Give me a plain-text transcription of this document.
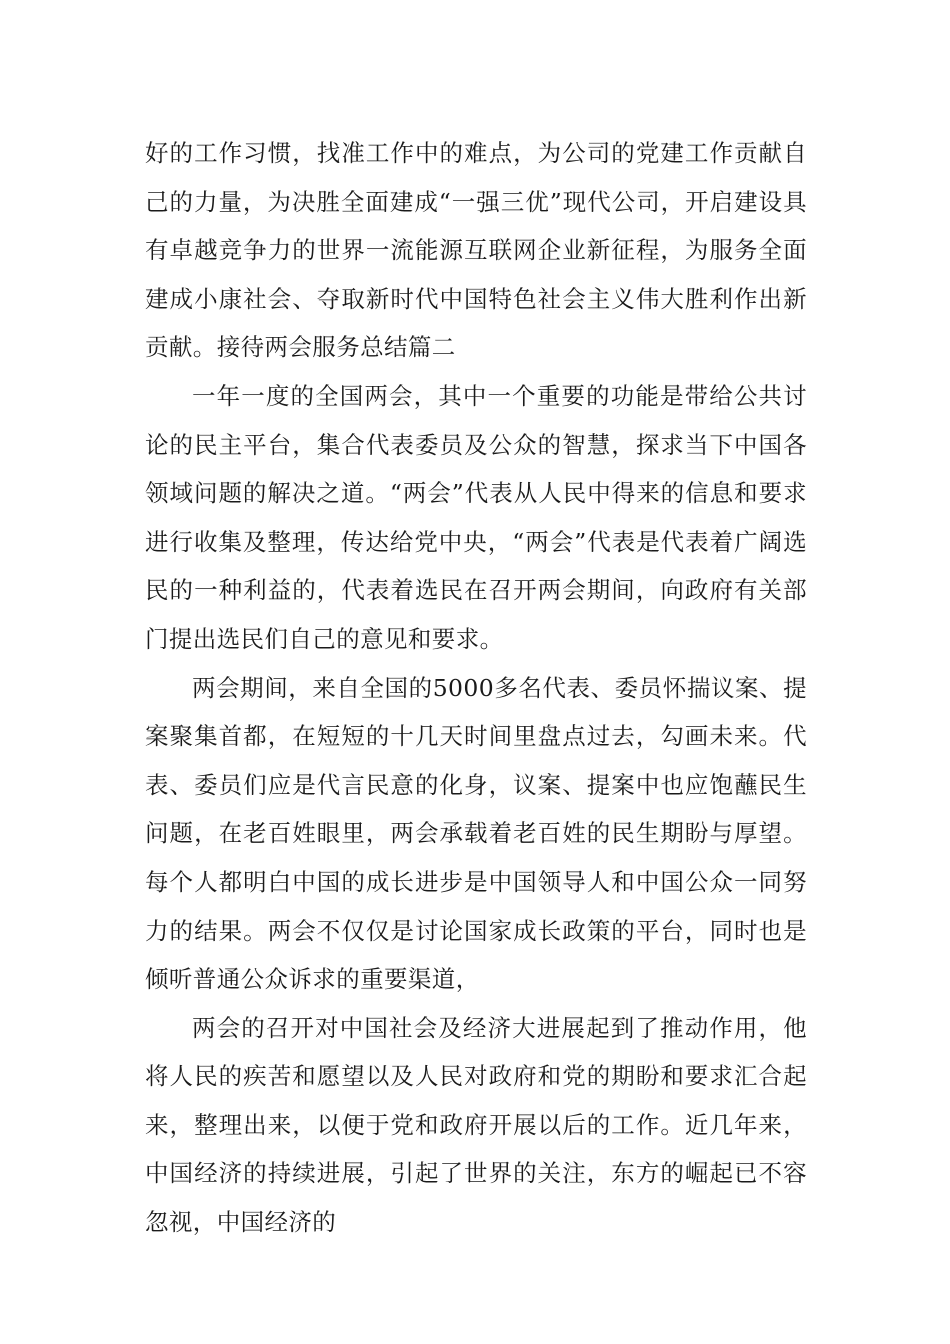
好的工作习惯，找准工作中的难点，为公司的党建工作贡献自己的力量，为决胜全面建成“一强三优”现代公司，开启建设具有卓越竞争力的世界一流能源互联网企业新征程，为服务全面建成小康社会、夺取新时代中国特色社会主义伟大胜利作出新贡献。接待两会服务总结篇二

一年一度的全国两会，其中一个重要的功能是带给公共讨论的民主平台，集合代表委员及公众的智慧，探求当下中国各领域问题的解决之道。“两会”代表从人民中得来的信息和要求进行收集及整理，传达给党中央，“两会”代表是代表着广阔选民的一种利益的，代表着选民在召开两会期间，向政府有关部门提出选民们自己的意见和要求。

两会期间，来自全国的5000多名代表、委员怀揣议案、提案聚集首都，在短短的十几天时间里盘点过去，勾画未来。代表、委员们应是代言民意的化身，议案、提案中也应饱蘸民生问题，在老百姓眼里，两会承载着老百姓的民生期盼与厚望。每个人都明白中国的成长进步是中国领导人和中国公众一同努力的结果。两会不仅仅是讨论国家成长政策的平台，同时也是倾听普通公众诉求的重要渠道，

两会的召开对中国社会及经济大进展起到了推动作用，他将人民的疾苦和愿望以及人民对政府和党的期盼和要求汇合起来，整理出来，以便于党和政府开展以后的工作。近几年来，中国经济的持续进展，引起了世界的关注，东方的崛起已不容忽视，中国经济的
